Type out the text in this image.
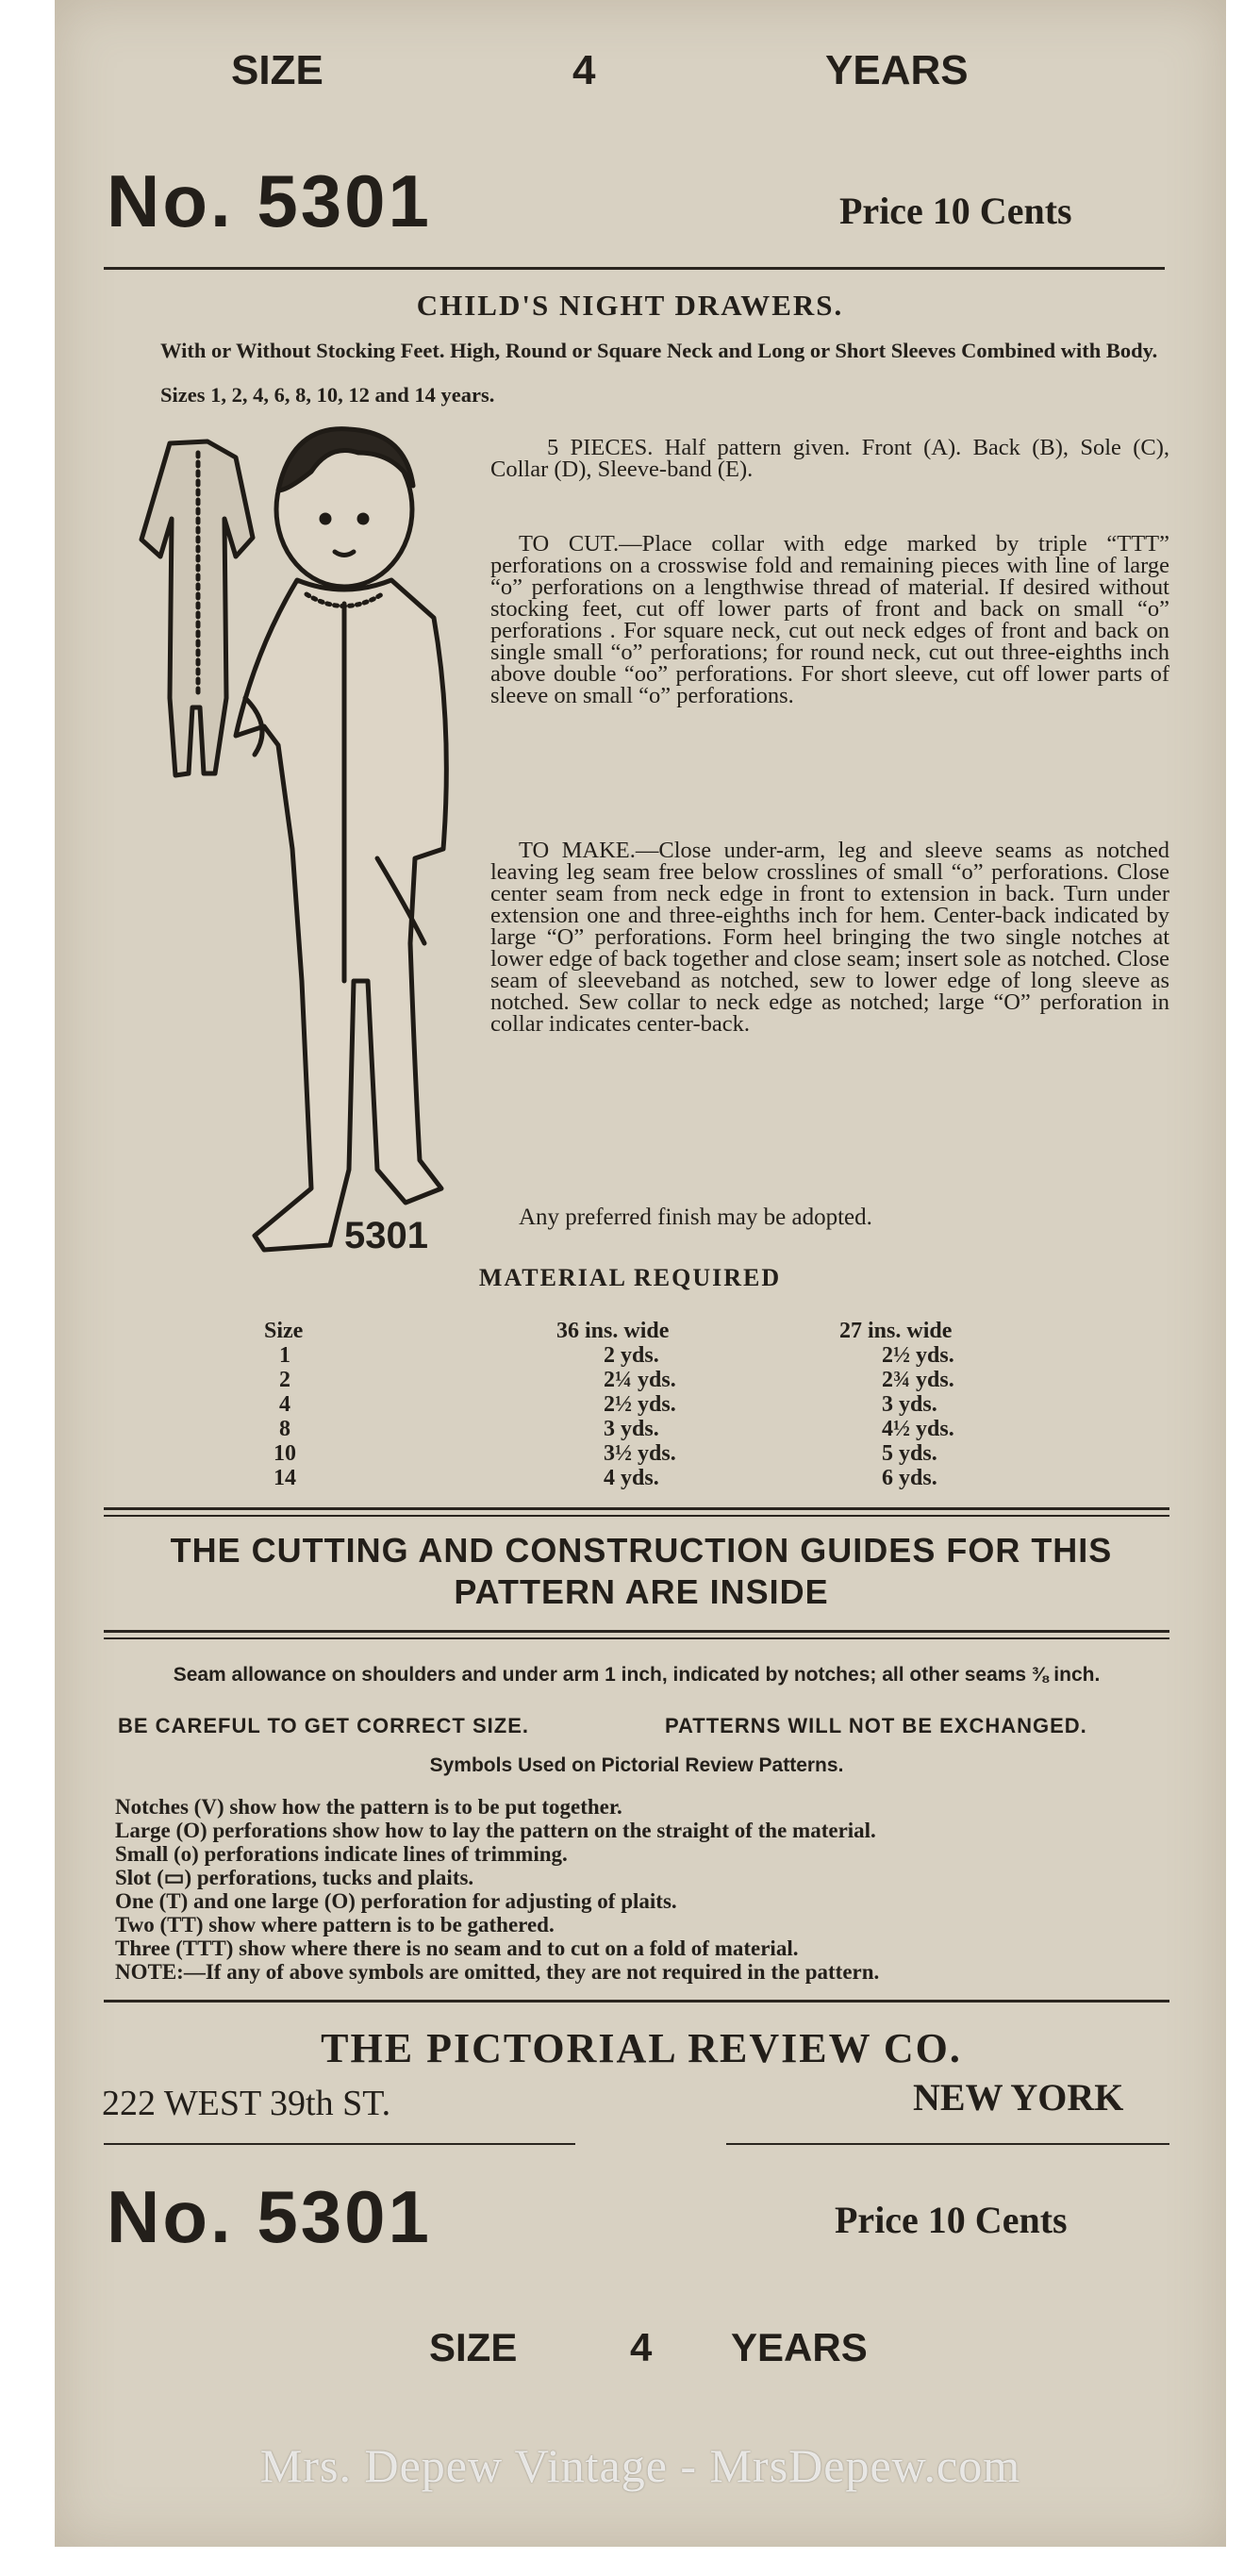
SIZE	4	YEARS
No. 5301	Price 10 Cents
CHILD'S NIGHT DRAWERS.
With or Without Stocking Feet. High, Round or Square Neck and Long or Short Sleeves Combined with Body.
Sizes 1, 2, 4, 6, 8, 10, 12 and 14 years.
5301
5 PIECES. Half pattern given. Front (A). Back (B), Sole (C), Collar (D), Sleeve-band (E).
TO CUT.—Place collar with edge marked by triple “TTT” perforations on a crosswise fold and remaining pieces with line of large “o” perforations on a lengthwise thread of material. If desired without stocking feet, cut off lower parts of front and back on small “o” perforations . For square neck, cut out neck edges of front and back on single small “o” perforations; for round neck, cut out three-eighths inch above double “oo” perforations. For short sleeve, cut off lower parts of sleeve on small “o” perforations.
TO MAKE.—Close under-arm, leg and sleeve seams as notched leaving leg seam free below crosslines of small “o” perforations. Close center seam from neck edge in front to extension in back. Turn under extension one and three-eighths inch for hem. Center-back indicated by large “O” perforations. Form heel bringing the two single notches at lower edge of back together and close seam; insert sole as notched. Close seam of sleeveband as notched, sew to lower edge of long sleeve as notched. Sew collar to neck edge as notched; large “O” perforation in collar indicates center-back.
Any preferred finish may be adopted.
MATERIAL REQUIRED
Size	36 ins. wide	27 ins. wide
1	2 yds.	2½ yds.
2	2¼ yds.	2¾ yds.
4	2½ yds.	3 yds.
8	3 yds.	4½ yds.
10	3½ yds.	5 yds.
14	4 yds.	6 yds.
THE CUTTING AND CONSTRUCTION GUIDES FOR THIS
PATTERN ARE INSIDE
Seam allowance on shoulders and under arm 1 inch, indicated by notches; all other seams ⅜ inch.
BE CAREFUL TO GET CORRECT SIZE.	PATTERNS WILL NOT BE EXCHANGED.
Symbols Used on Pictorial Review Patterns.
Notches (V) show how the pattern is to be put together.
Large (O) perforations show how to lay the pattern on the straight of the material.
Small (o) perforations indicate lines of trimming.
Slot (▭) perforations, tucks and plaits.
One (T) and one large (O) perforation for adjusting of plaits.
Two (TT) show where pattern is to be gathered.
Three (TTT) show where there is no seam and to cut on a fold of material.
NOTE:—If any of above symbols are omitted, they are not required in the pattern.
THE PICTORIAL REVIEW CO.
222 WEST 39th ST.	NEW YORK
No. 5301	Price 10 Cents
SIZE	4 YEARS
Mrs. Depew Vintage - MrsDepew.com
